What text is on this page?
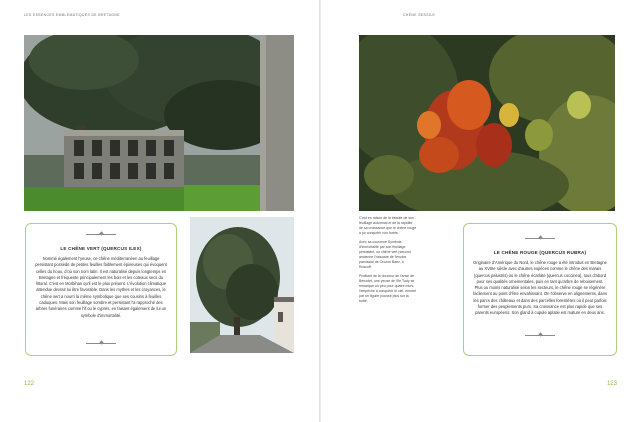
LES ESSENCES EMBLÉMATIQUES DE BRETAGNE
LE CHÊNE VERT (QUERCUS ILEX)
Nommé également l'yeuse, ce chêne méditerranéen au feuillage persistant possède de petites feuilles faiblement épineuses qui évoquent celles du houx, d'où son nom latin. Il est naturalisé depuis longtemps en Bretagne et fréquente principalement les bois et les coteaux secs du littoral. C'est en Morbihan qu'il est le plus présent. L'évolution climatique attendue devrait lui être favorable. Dans les mythes et les croyances, le chêne vert a nourri la même symbolique que ses cousins à feuilles caduques. Mais son feuillage sombre et persistant l'a rapproché des arbres funéraires comme l'if ou le cyprès, en faisant également de lui un symbole d'immortalité.
122
CHÊNE SESSILE

C'est en raison de la beauté de son feuillage automnal et de la rapidité de sa croissance que le chêne rouge a pu conquérir nos forêts.

Avec sa couronne Symbole d'immortalité par son feuillage persistant, un chêne vert (second ancienne l'ossuaire de l'enclos paroissial de Crozon Baez, à Roscoff.

Profitant de la douceur de l'anse de Benodet, une yeuse de l'île Tudy se remarqué un peu pour quatre murs, l'empêche à conquérir le ciel, enrobé par un figuier poussé plus sur la butte.

LE CHÊNE ROUGE (QUERCUS RUBRA)
Originaire d'Amérique du Nord, le chêne rouge a été introduit en Bretagne au XVIIIe siècle avec d'autres espèces comme le chêne des marais (quercus palustris) ou le chêne écarlate (quercus coccinea), tous d'abord pour ses qualités ornementales, puis en tant qu'arbre de reboisement. Plus ou moins naturalisé selon les secteurs, le chêne rouge se régénère facilement au point d'être envahissant. On l'observe en alignements, dans les parcs des châteaux et dans des parcelles forestières où il peut parfois former des peuplements purs. Sa croissance est plus rapide que ses parents européens. Son gland à cupule aplatie est mature en deux ans.
123
